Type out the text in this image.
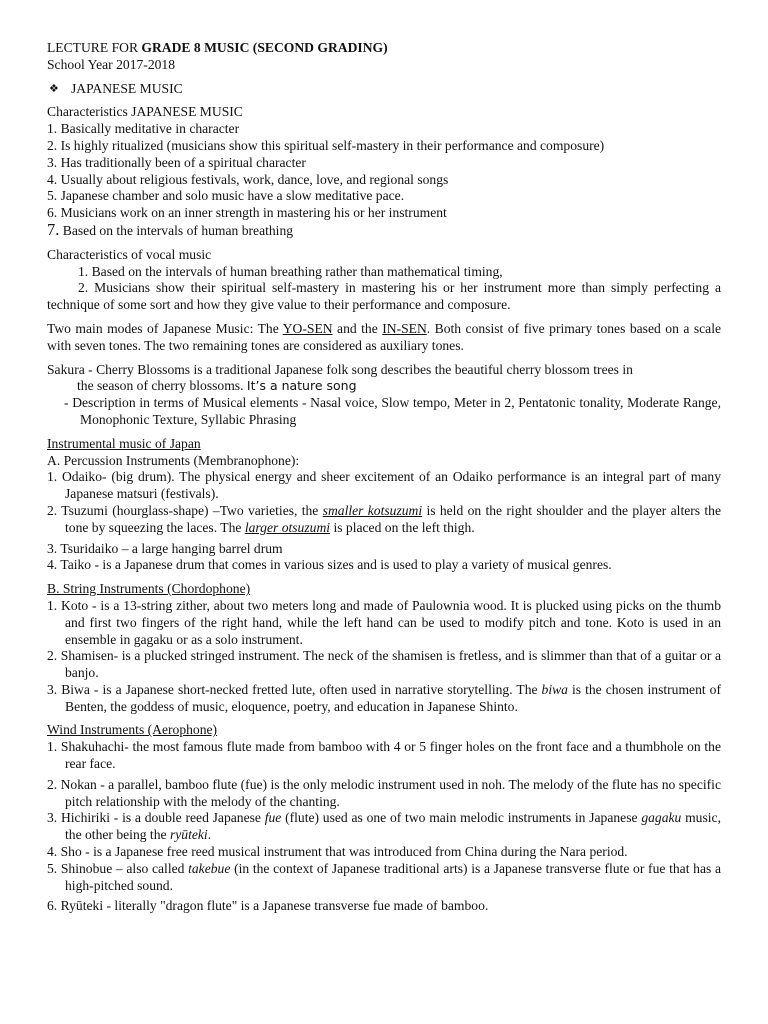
LECTURE FOR GRADE 8 MUSIC (SECOND GRADING)

School Year 2017-2018

❖ JAPANESE MUSIC

Characteristics JAPANESE MUSIC

1. Basically meditative in character

2. Is highly ritualized (musicians show this spiritual self-mastery in their performance and composure)

3. Has traditionally been of a spiritual character

4. Usually about religious festivals, work, dance, love, and regional songs

5. Japanese chamber and solo music have a slow meditative pace.

6. Musicians work on an inner strength in mastering his or her instrument

7. Based on the intervals of human breathing

Characteristics of vocal music

1. Based on the intervals of human breathing rather than mathematical timing,

2. Musicians show their spiritual self-mastery in mastering his or her instrument more than simply perfecting a technique of some sort and how they give value to their performance and composure.

Two main modes of Japanese Music: The YO-SEN and the IN-SEN. Both consist of five primary tones based on a scale with seven tones. The two remaining tones are considered as auxiliary tones.

Sakura - Cherry Blossoms is a traditional Japanese folk song describes the beautiful cherry blossom trees in

the season of cherry blossoms. It’s a nature song

- Description in terms of Musical elements - Nasal voice, Slow tempo, Meter in 2, Pentatonic tonality, Moderate Range, Monophonic Texture, Syllabic Phrasing

Instrumental music of Japan

A. Percussion Instruments (Membranophone):

1. Odaiko- (big drum). The physical energy and sheer excitement of an Odaiko performance is an integral part of many Japanese matsuri (festivals).

2. Tsuzumi (hourglass-shape) –Two varieties, the smaller kotsuzumi is held on the right shoulder and the player alters the tone by squeezing the laces. The larger otsuzumi is placed on the left thigh.

3. Tsuridaiko – a large hanging barrel drum

4. Taiko - is a Japanese drum that comes in various sizes and is used to play a variety of musical genres.

B. String Instruments (Chordophone)

1. Koto - is a 13-string zither, about two meters long and made of Paulownia wood. It is plucked using picks on the thumb and first two fingers of the right hand, while the left hand can be used to modify pitch and tone. Koto is used in an ensemble in gagaku or as a solo instrument.

2. Shamisen- is a plucked stringed instrument. The neck of the shamisen is fretless, and is slimmer than that of a guitar or a banjo.

3. Biwa - is a Japanese short-necked fretted lute, often used in narrative storytelling. The biwa is the chosen instrument of Benten, the goddess of music, eloquence, poetry, and education in Japanese Shinto.

Wind Instruments (Aerophone)

1. Shakuhachi- the most famous flute made from bamboo with 4 or 5 finger holes on the front face and a thumbhole on the rear face.

2. Nokan - a parallel, bamboo flute (fue) is the only melodic instrument used in noh. The melody of the flute has no specific pitch relationship with the melody of the chanting.

3. Hichiriki - is a double reed Japanese fue (flute) used as one of two main melodic instruments in Japanese gagaku music, the other being the ryūteki.

4. Sho - is a Japanese free reed musical instrument that was introduced from China during the Nara period.

5. Shinobue – also called takebue (in the context of Japanese traditional arts) is a Japanese transverse flute or fue that has a high-pitched sound.

6. Ryūteki - literally "dragon flute" is a Japanese transverse fue made of bamboo.
